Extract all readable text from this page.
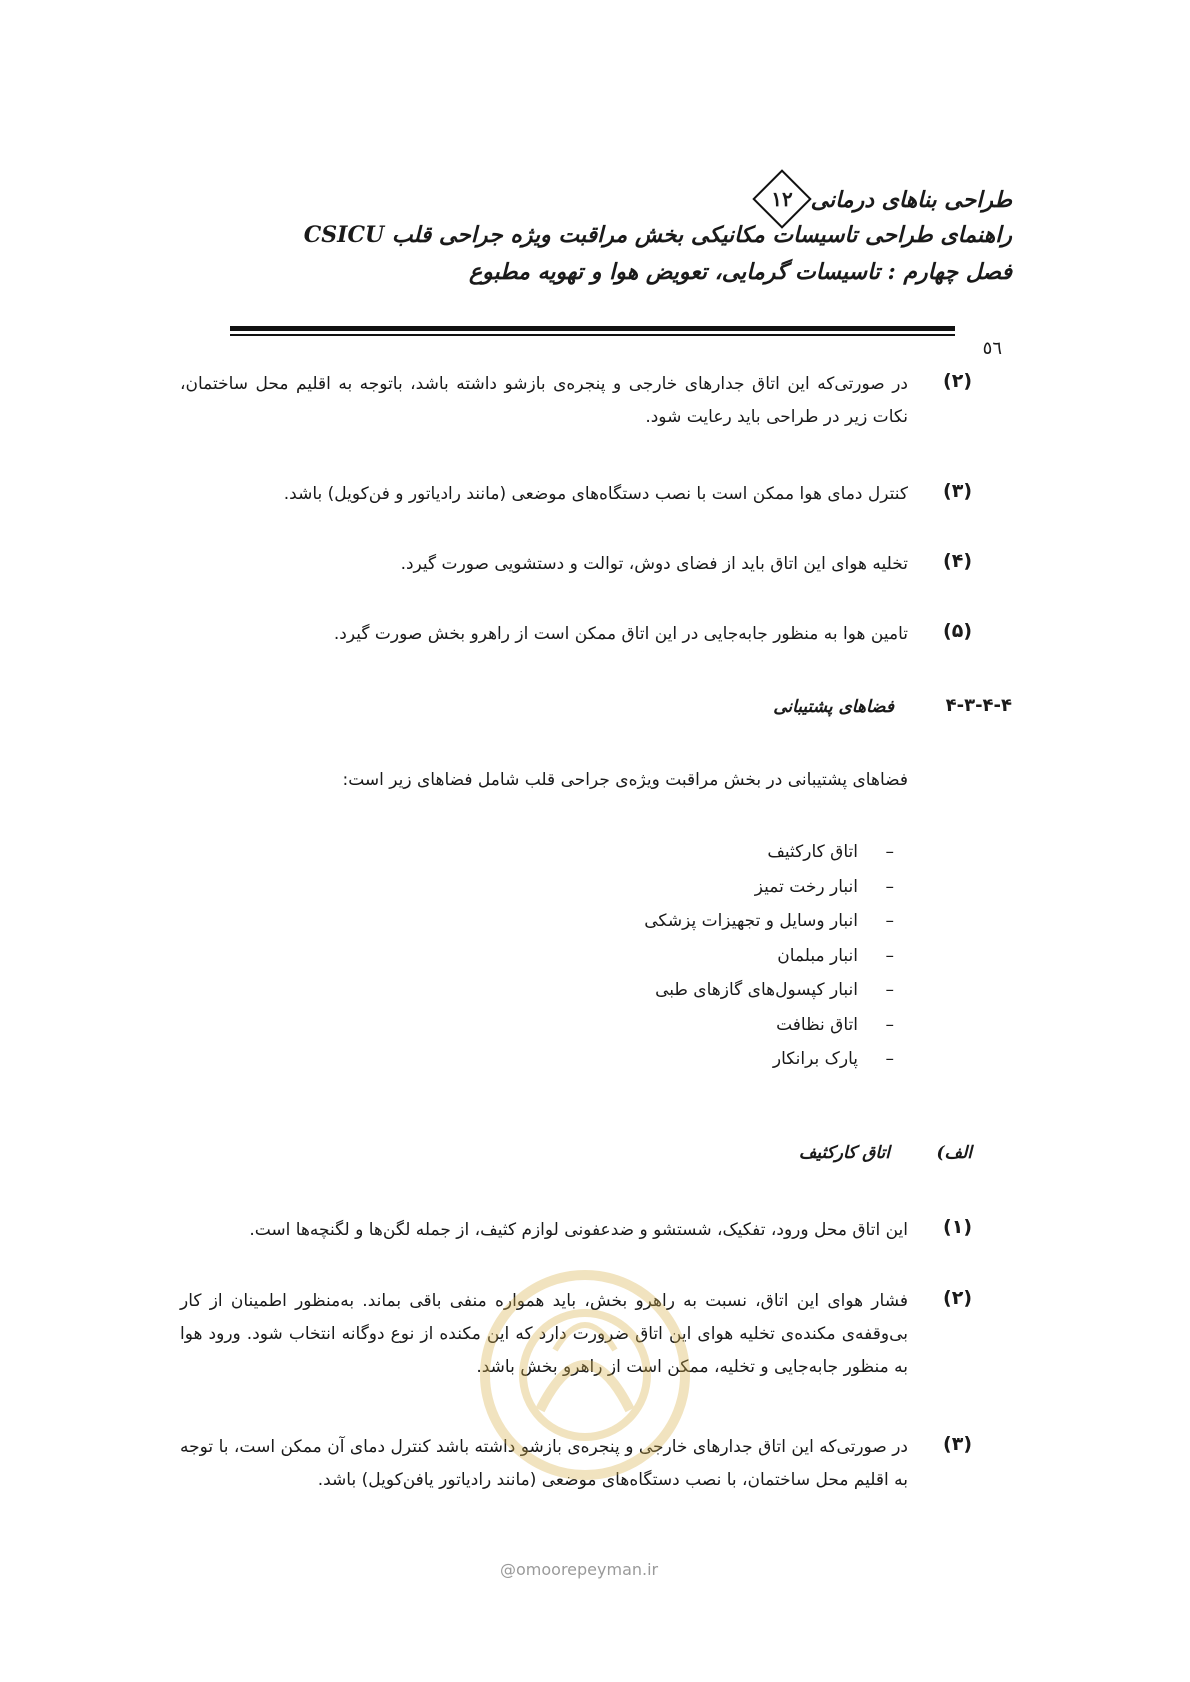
طراحی بناهای درمانی
۱۲
راهنمای طراحی تاسیسات مکانیکی بخش مراقبت ویژه جراحی قلب CSICU
فصل چهارم : تاسیسات گرمایی، تعویض هوا و تهویه مطبوع
٥٦
(۲)
در صورتی‌که این اتاق جدارهای خارجی و پنجره‌ی بازشو داشته باشد، باتوجه به اقلیم محل ساختمان، نکات زیر در طراحی باید رعایت شود.
(۳)
کنترل دمای هوا ممکن است با نصب دستگاه‌های موضعی (مانند رادیاتور و فن‌کویل) باشد.
(۴)
تخلیه هوای این اتاق باید از فضای دوش، توالت و دستشویی صورت گیرد.
(۵)
تامین هوا به منظور جابه‌جایی در این اتاق ممکن است از راهرو بخش صورت گیرد.
۴-۳-۴-۴
فضاهای پشتیبانی
فضاهای پشتیبانی در بخش مراقبت ویژه‌ی جراحی قلب شامل فضاهای زیر است:
–اتاق کارکثیف
–انبار رخت تمیز
–انبار وسایل و تجهیزات پزشکی
–انبار مبلمان
–انبار کپسول‌های گازهای طبی
–اتاق نظافت
–پارک برانکار
الف)
اتاق کارکثیف
(۱)
این اتاق محل ورود، تفکیک، شستشو و ضدعفونی لوازم کثیف، از جمله لگن‌ها و لگنچه‌ها است.
(۲)
فشار هوای این اتاق، نسبت به راهرو بخش، باید همواره منفی باقی بماند. به‌منظور اطمینان از کار بی‌وقفه‌ی مکنده‌ی تخلیه هوای این اتاق ضرورت دارد که این مکنده از نوع دوگانه انتخاب شود. ورود هوا به منظور جابه‌جایی و تخلیه، ممکن است از راهرو بخش باشد.
(۳)
در صورتی‌که این اتاق جدارهای خارجی و پنجره‌ی بازشو داشته باشد کنترل دمای آن ممکن است، با توجه به اقلیم محل ساختمان، با نصب دستگاه‌های موضعی (مانند رادیاتور یافن‌کویل) باشد.
@omoorepeyman.ir
